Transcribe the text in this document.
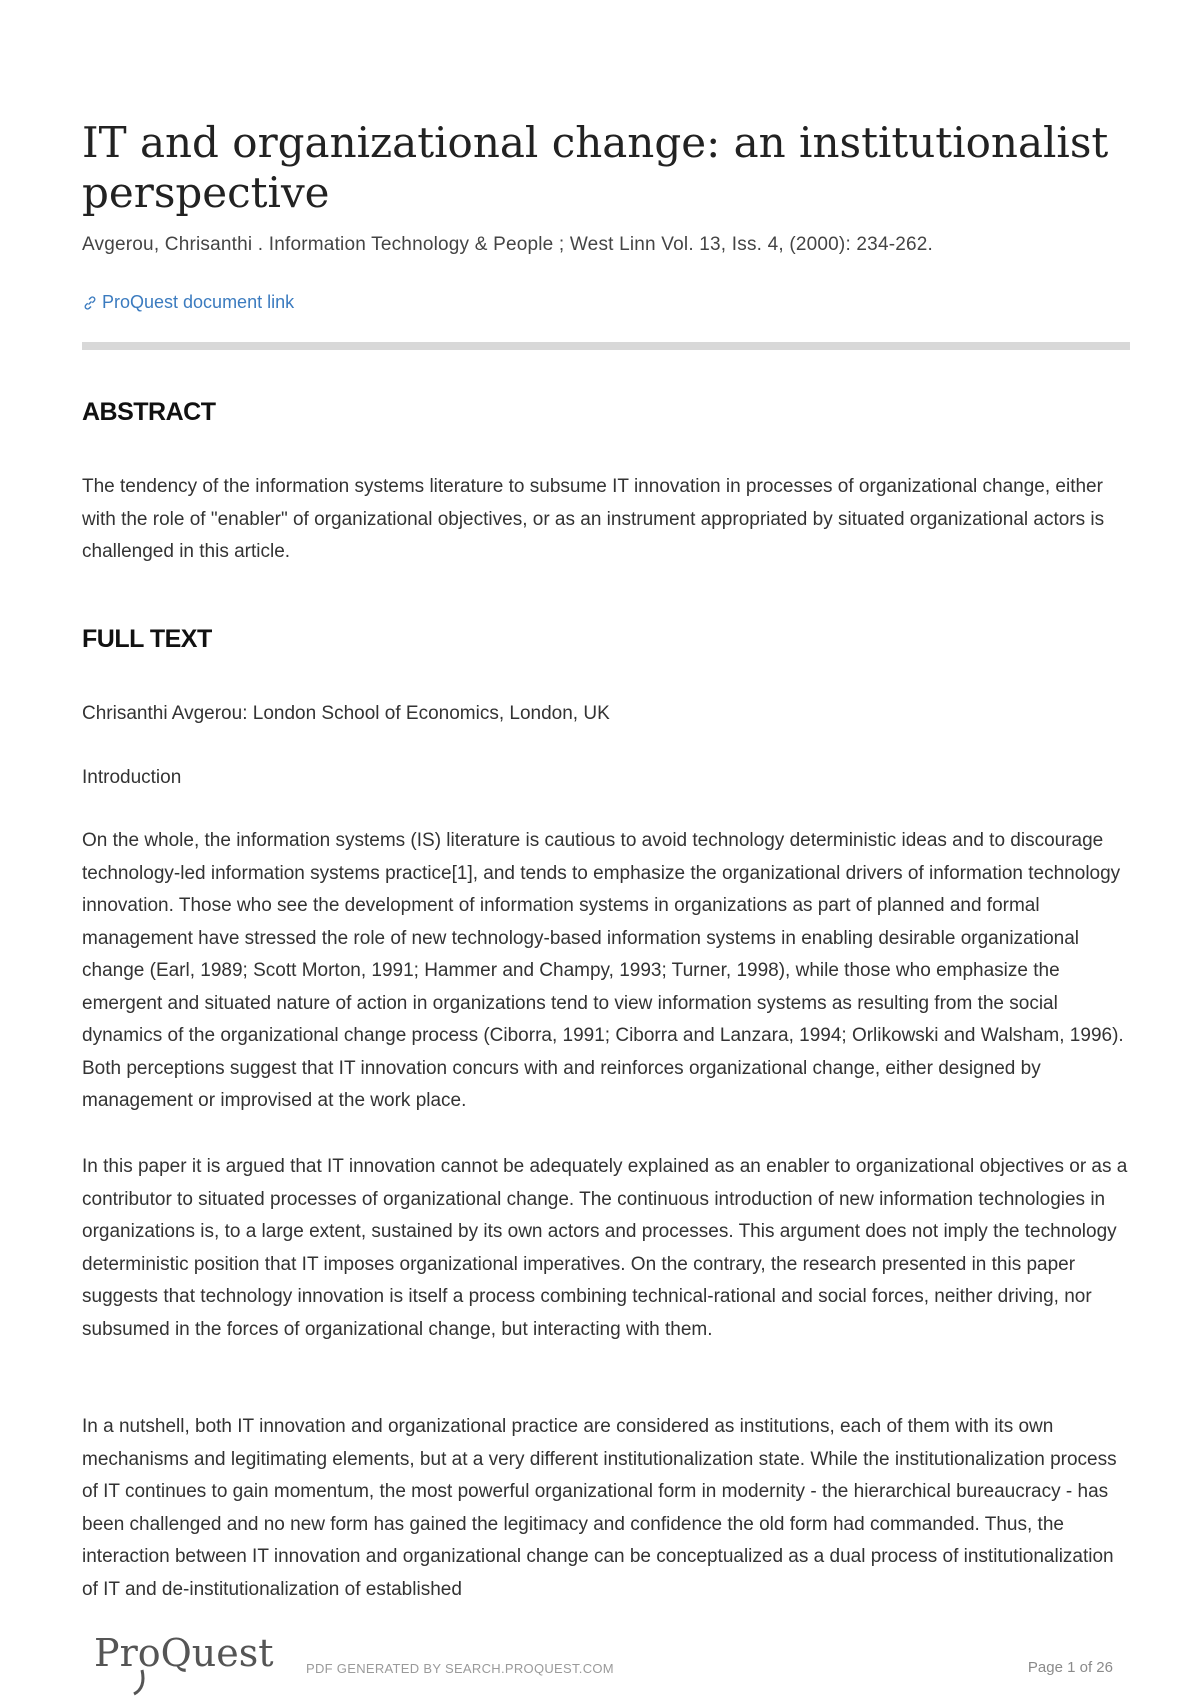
IT and organizational change: an institutionalist perspective
Avgerou, Chrisanthi . Information Technology & People ; West Linn Vol. 13, Iss. 4, (2000): 234-262.
ProQuest document link
ABSTRACT

The tendency of the information systems literature to subsume IT innovation in processes of organizational change, either with the role of "enabler" of organizational objectives, or as an instrument appropriated by situated organizational actors is challenged in this article.

FULL TEXT

Chrisanthi Avgerou: London School of Economics, London, UK

Introduction

On the whole, the information systems (IS) literature is cautious to avoid technology deterministic ideas and to discourage technology-led information systems practice[1], and tends to emphasize the organizational drivers of information technology innovation. Those who see the development of information systems in organizations as part of planned and formal management have stressed the role of new technology-based information systems in enabling desirable organizational change (Earl, 1989; Scott Morton, 1991; Hammer and Champy, 1993; Turner, 1998), while those who emphasize the emergent and situated nature of action in organizations tend to view information systems as resulting from the social dynamics of the organizational change process (Ciborra, 1991; Ciborra and Lanzara, 1994; Orlikowski and Walsham, 1996). Both perceptions suggest that IT innovation concurs with and reinforces organizational change, either designed by management or improvised at the work place.

In this paper it is argued that IT innovation cannot be adequately explained as an enabler to organizational objectives or as a contributor to situated processes of organizational change. The continuous introduction of new information technologies in organizations is, to a large extent, sustained by its own actors and processes. This argument does not imply the technology deterministic position that IT imposes organizational imperatives. On the contrary, the research presented in this paper suggests that technology innovation is itself a process combining technical-rational and social forces, neither driving, nor subsumed in the forces of organizational change, but interacting with them.

In a nutshell, both IT innovation and organizational practice are considered as institutions, each of them with its own mechanisms and legitimating elements, but at a very different institutionalization state. While the institutionalization process of IT continues to gain momentum, the most powerful organizational form in modernity - the hierarchical bureaucracy - has been challenged and no new form has gained the legitimacy and confidence the old form had commanded. Thus, the interaction between IT innovation and organizational change can be conceptualized as a dual process of institutionalization of IT and de-institutionalization of established

ProQuest	PDF GENERATED BY SEARCH.PROQUEST.COM	Page 1 of 26
